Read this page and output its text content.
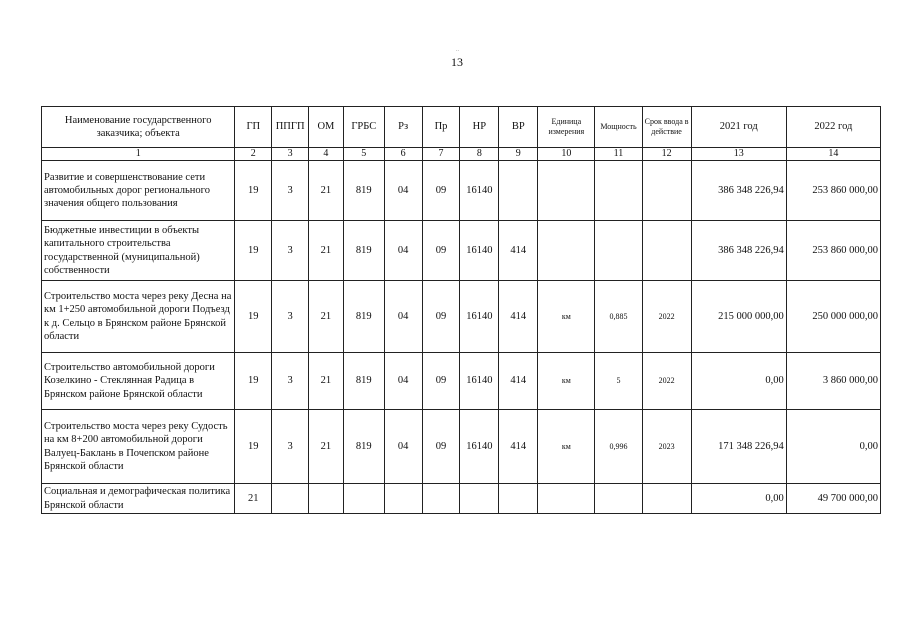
..
13
Наименование государственного заказчика; объекта	ГП	ППГП	ОМ	ГРБС	Рз	Пр	НР	ВР	Единица измерения	Мощность	Срок ввода в действие	2021 год	2022 год
1	2	3	4	5	6	7	8	9	10	11	12	13	14
Развитие и совершенствование сети автомобильных дорог регионального значения общего пользования	19	3	21	819	04	09	16140					386 348 226,94	253 860 000,00
Бюджетные инвестиции в объекты капитального строительства государственной (муниципальной) собственности	19	3	21	819	04	09	16140	414				386 348 226,94	253 860 000,00
Строительство моста через реку Десна на км 1+250 автомобильной дороги Подъезд к д. Сельцо в Брянском районе Брянской области	19	3	21	819	04	09	16140	414	км	0,885	2022	215 000 000,00	250 000 000,00
Строительство автомобильной дороги Козелкино - Стеклянная Радица в Брянском районе Брянской области	19	3	21	819	04	09	16140	414	км	5	2022	0,00	3 860 000,00
Строительство моста через реку Судость на км 8+200 автомобильной дороги Валуец-Баклань в Почепском районе Брянской области	19	3	21	819	04	09	16140	414	км	0,996	2023	171 348 226,94	0,00
Социальная и демографическая политика Брянской области	21											0,00	49 700 000,00
